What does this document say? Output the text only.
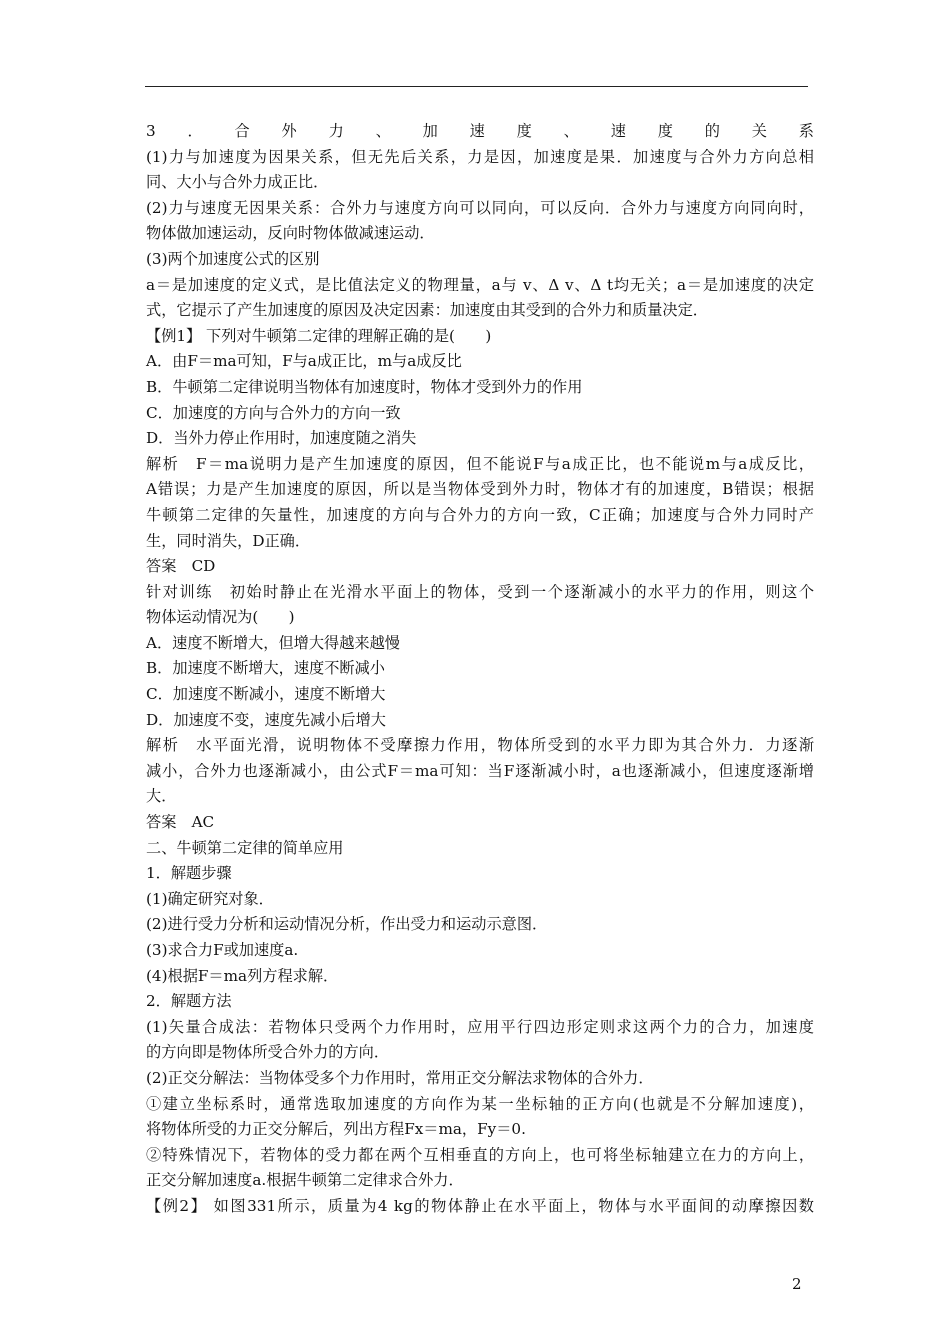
3．合外力、加速度、速度的关系
(1)力与加速度为因果关系，但无先后关系，力是因，加速度是果．加速度与合外力方向总相
同、大小与合外力成正比．
(2)力与速度无因果关系：合外力与速度方向可以同向，可以反向．合外力与速度方向同向时，
物体做加速运动，反向时物体做减速运动．
(3)两个加速度公式的区别
a＝是加速度的定义式，是比值法定义的物理量，a与 v、Δ v、Δ t均无关；a＝是加速度的决定
式，它提示了产生加速度的原因及决定因素：加速度由其受到的合外力和质量决定．
【例1】 下列对牛顿第二定律的理解正确的是(　　)
A．由F＝ma可知，F与a成正比，m与a成反比
B．牛顿第二定律说明当物体有加速度时，物体才受到外力的作用
C．加速度的方向与合外力的方向一致
D．当外力停止作用时，加速度随之消失
解析　F＝ma说明力是产生加速度的原因，但不能说F与a成正比，也不能说m与a成反比，
A错误；力是产生加速度的原因，所以是当物体受到外力时，物体才有的加速度，B错误；根据
牛顿第二定律的矢量性，加速度的方向与合外力的方向一致，C正确；加速度与合外力同时产
生，同时消失，D正确．
答案　CD
针对训练　初始时静止在光滑水平面上的物体，受到一个逐渐减小的水平力的作用，则这个
物体运动情况为(　　)
A．速度不断增大，但增大得越来越慢
B．加速度不断增大，速度不断减小
C．加速度不断减小，速度不断增大
D．加速度不变，速度先减小后增大
解析　水平面光滑，说明物体不受摩擦力作用，物体所受到的水平力即为其合外力．力逐渐
减小，合外力也逐渐减小，由公式F＝ma可知：当F逐渐减小时，a也逐渐减小，但速度逐渐增
大．
答案　AC
二、牛顿第二定律的简单应用
1．解题步骤
(1)确定研究对象．
(2)进行受力分析和运动情况分析，作出受力和运动示意图．
(3)求合力F或加速度a.
(4)根据F＝ma列方程求解．
2．解题方法
(1)矢量合成法：若物体只受两个力作用时，应用平行四边形定则求这两个力的合力，加速度
的方向即是物体所受合外力的方向．
(2)正交分解法：当物体受多个力作用时，常用正交分解法求物体的合外力．
①建立坐标系时，通常选取加速度的方向作为某一坐标轴的正方向(也就是不分解加速度)，
将物体所受的力正交分解后，列出方程Fx＝ma，Fy＝0.
②特殊情况下，若物体的受力都在两个互相垂直的方向上，也可将坐标轴建立在力的方向上，
正交分解加速度a.根据牛顿第二定律求合外力．
【例2】 如图331所示，质量为4 kg的物体静止在水平面上，物体与水平面间的动摩擦因数
2
